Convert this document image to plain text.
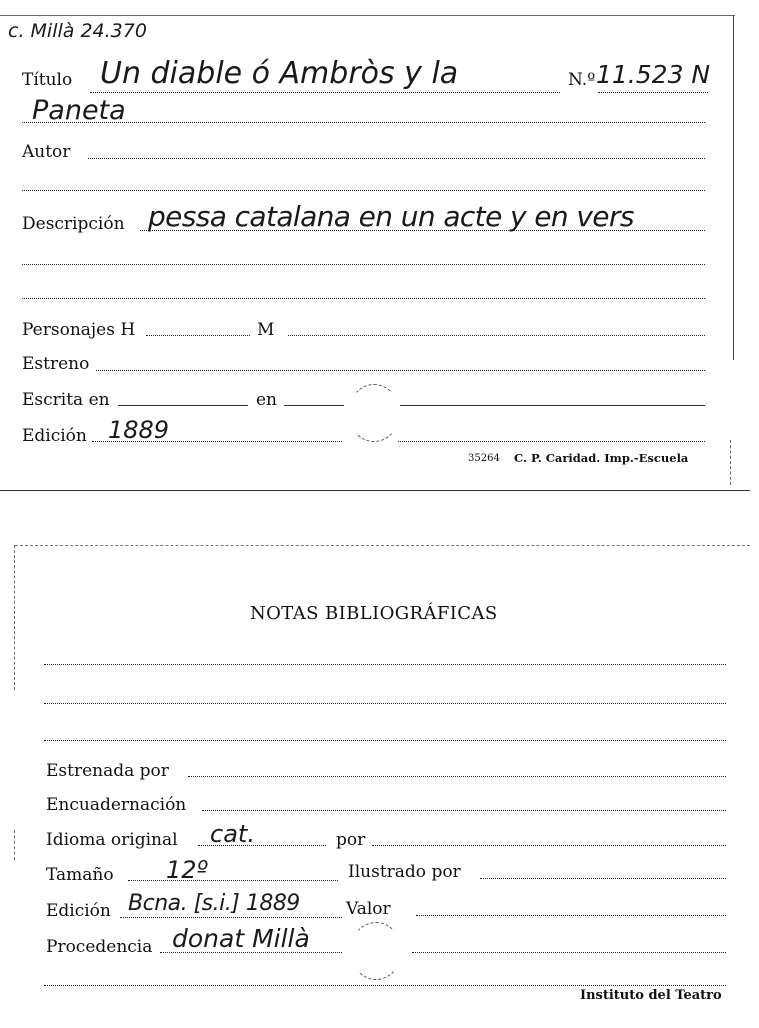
c. Millà 24.370
Título Un diable ó Ambròs y la	N.º 11.523 N
Paneta
Autor
Descripción pessa catalana en un acte y en vers
Personajes H	M
Estreno
Escrita en	en
Edición 1889
35264 C. P. Caridad. Imp.-Escuela
NOTAS BIBLIOGRÁFICAS
Estrenada por
Encuadernación
Idioma original cat.	por
Tamaño 12º	Ilustrado por
Edición Bcna. [s.i.] 1889	Valor
Procedencia donat Millà
Instituto del Teatro
